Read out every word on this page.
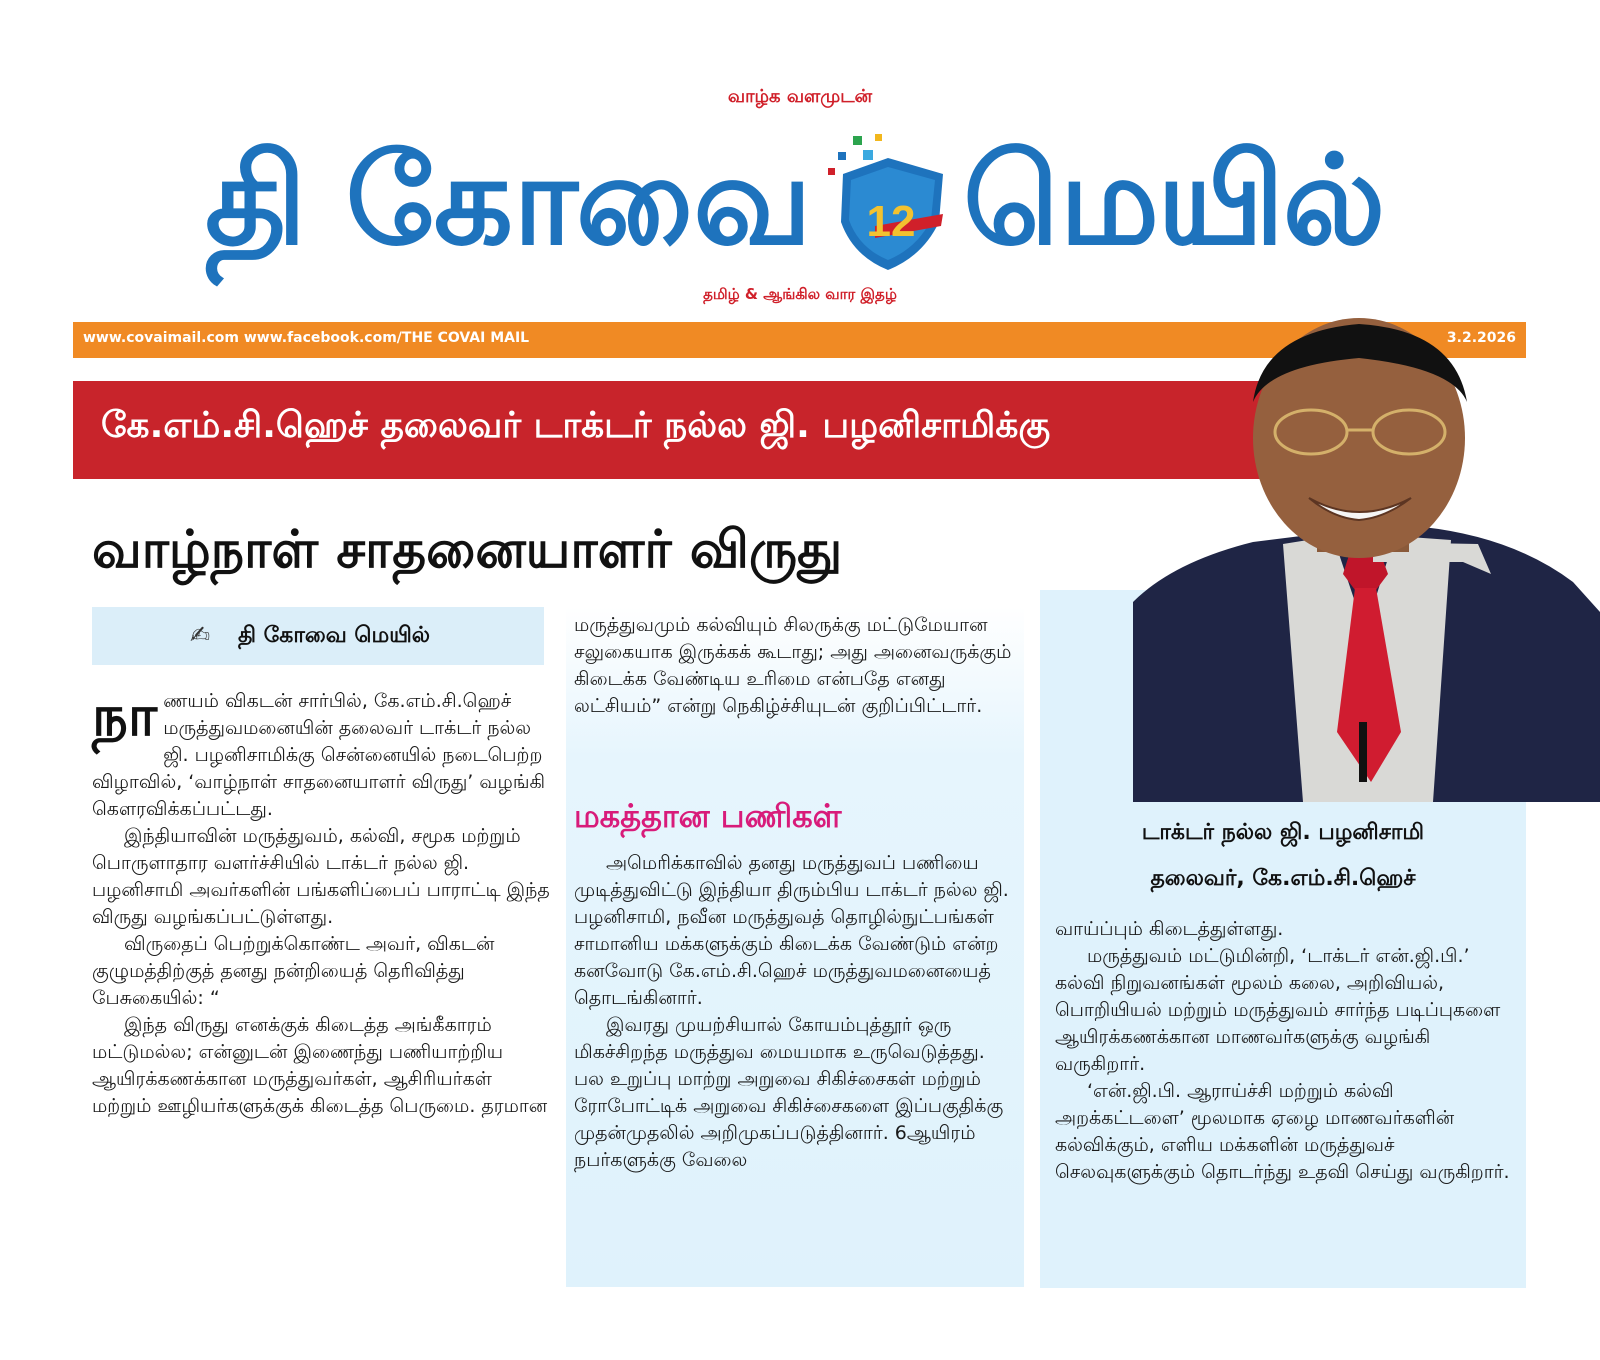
வாழ்க வளமுடன்
தி கோவை 12 மெயில்
தமிழ் & ஆங்கில வார இதழ்
www.covaimail.com www.facebook.com/THE COVAI MAIL	3.2.2026
கே.எம்.சி.ஹெச் தலைவர் டாக்டர் நல்ல ஜி. பழனிசாமிக்கு
வாழ்நாள் சாதனையாளர் விருது
✍ தி கோவை மெயில்

நாணயம் விகடன் சார்பில், கே.எம்.சி.ஹெச் மருத்துவமனையின் தலைவர் டாக்டர் நல்ல ஜி. பழனிசாமிக்கு சென்னையில் நடைபெற்ற விழாவில், ‘வாழ்நாள் சாதனையாளர் விருது’ வழங்கி கௌரவிக்கப்பட்டது.

இந்தியாவின் மருத்துவம், கல்வி, சமூக மற்றும் பொருளாதார வளர்ச்சியில் டாக்டர் நல்ல ஜி. பழனிசாமி அவர்களின் பங்களிப்பைப் பாராட்டி இந்த விருது வழங்கப்பட்டுள்ளது.

விருதைப் பெற்றுக்கொண்ட அவர், விகடன் குழுமத்திற்குத் தனது நன்றியைத் தெரிவித்து பேசுகையில்: “

இந்த விருது எனக்குக் கிடைத்த அங்கீகாரம் மட்டுமல்ல; என்னுடன் இணைந்து பணியாற்றிய ஆயிரக்கணக்கான மருத்துவர்கள், ஆசிரியர்கள் மற்றும் ஊழியர்களுக்குக் கிடைத்த பெருமை. தரமான

மருத்துவமும் கல்வியும் சிலருக்கு மட்டுமேயான சலுகையாக இருக்கக் கூடாது; அது அனைவருக்கும் கிடைக்க வேண்டிய உரிமை என்பதே எனது லட்சியம்” என்று நெகிழ்ச்சியுடன் குறிப்பிட்டார்.

மகத்தான பணிகள்

அமெரிக்காவில் தனது மருத்துவப் பணியை முடித்துவிட்டு இந்தியா திரும்பிய டாக்டர் நல்ல ஜி. பழனிசாமி, நவீன மருத்துவத் தொழில்நுட்பங்கள் சாமானிய மக்களுக்கும் கிடைக்க வேண்டும் என்ற கனவோடு கே.எம்.சி.ஹெச் மருத்துவமனையைத் தொடங்கினார்.

இவரது முயற்சியால் கோயம்புத்தூர் ஒரு மிகச்சிறந்த மருத்துவ மையமாக உருவெடுத்தது. பல உறுப்பு மாற்று அறுவை சிகிச்சைகள் மற்றும் ரோபோட்டிக் அறுவை சிகிச்சைகளை இப்பகுதிக்கு முதன்முதலில் அறிமுகப்படுத்தினார். 6ஆயிரம் நபர்களுக்கு வேலை

டாக்டர் நல்ல ஜி. பழனிசாமி
தலைவர், கே.எம்.சி.ஹெச்

வாய்ப்பும் கிடைத்துள்ளது.

மருத்துவம் மட்டுமின்றி, ‘டாக்டர் என்.ஜி.பி.’ கல்வி நிறுவனங்கள் மூலம் கலை, அறிவியல், பொறியியல் மற்றும் மருத்துவம் சார்ந்த படிப்புகளை ஆயிரக்கணக்கான மாணவர்களுக்கு வழங்கி வருகிறார்.

‘என்.ஜி.பி. ஆராய்ச்சி மற்றும் கல்வி அறக்கட்டளை’ மூலமாக ஏழை மாணவர்களின் கல்விக்கும், எளிய மக்களின் மருத்துவச் செலவுகளுக்கும் தொடர்ந்து உதவி செய்து வருகிறார்.
